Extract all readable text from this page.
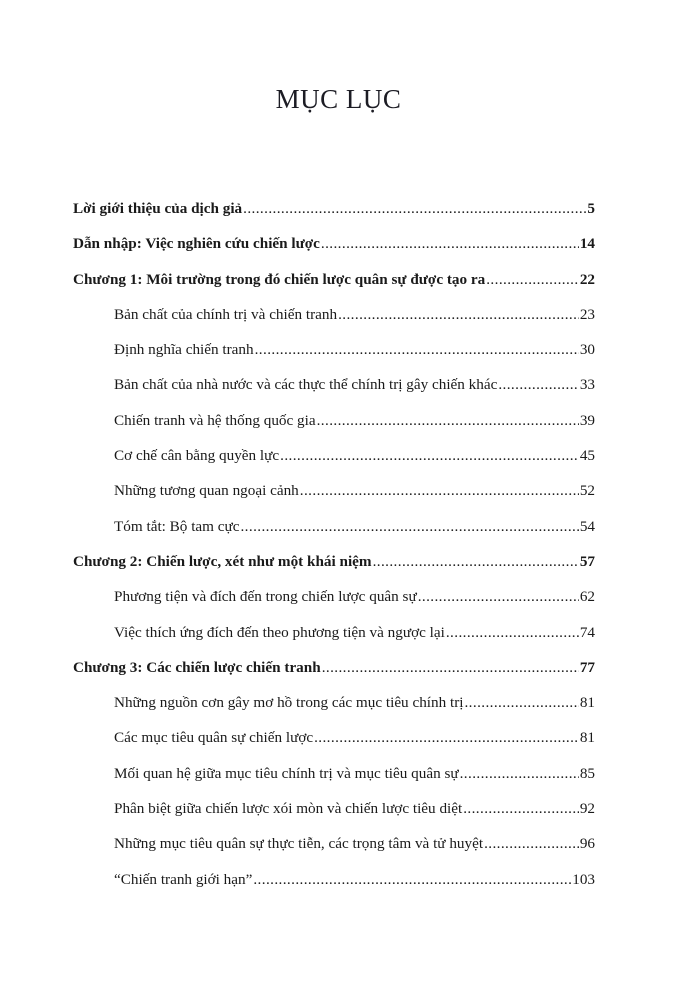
MỤC LỤC
Lời giới thiệu của dịch giả .....	5
Dẫn nhập: Việc nghiên cứu chiến lược .....	14
Chương 1: Môi trường trong đó chiến lược quân sự được tạo ra .....	22
Bản chất của chính trị và chiến tranh .....	23
Định nghĩa chiến tranh .....	30
Bản chất của nhà nước và các thực thể chính trị gây chiến khác .....	33
Chiến tranh và hệ thống quốc gia .....	39
Cơ chế cân bằng quyền lực .....	45
Những tương quan ngoại cảnh .....	52
Tóm tắt: Bộ tam cực .....	54
Chương 2: Chiến lược, xét như một khái niệm .....	57
Phương tiện và đích đến trong chiến lược quân sự .....	62
Việc thích ứng đích đến theo phương tiện và ngược lại .....	74
Chương 3: Các chiến lược chiến tranh .....	77
Những nguồn cơn gây mơ hồ trong các mục tiêu chính trị .....	81
Các mục tiêu quân sự chiến lược .....	81
Mối quan hệ giữa mục tiêu chính trị và mục tiêu quân sự .....	85
Phân biệt giữa chiến lược xói mòn và chiến lược tiêu diệt .....	92
Những mục tiêu quân sự thực tiễn, các trọng tâm và tử huyệt .....	96
“Chiến tranh giới hạn” .....	103
